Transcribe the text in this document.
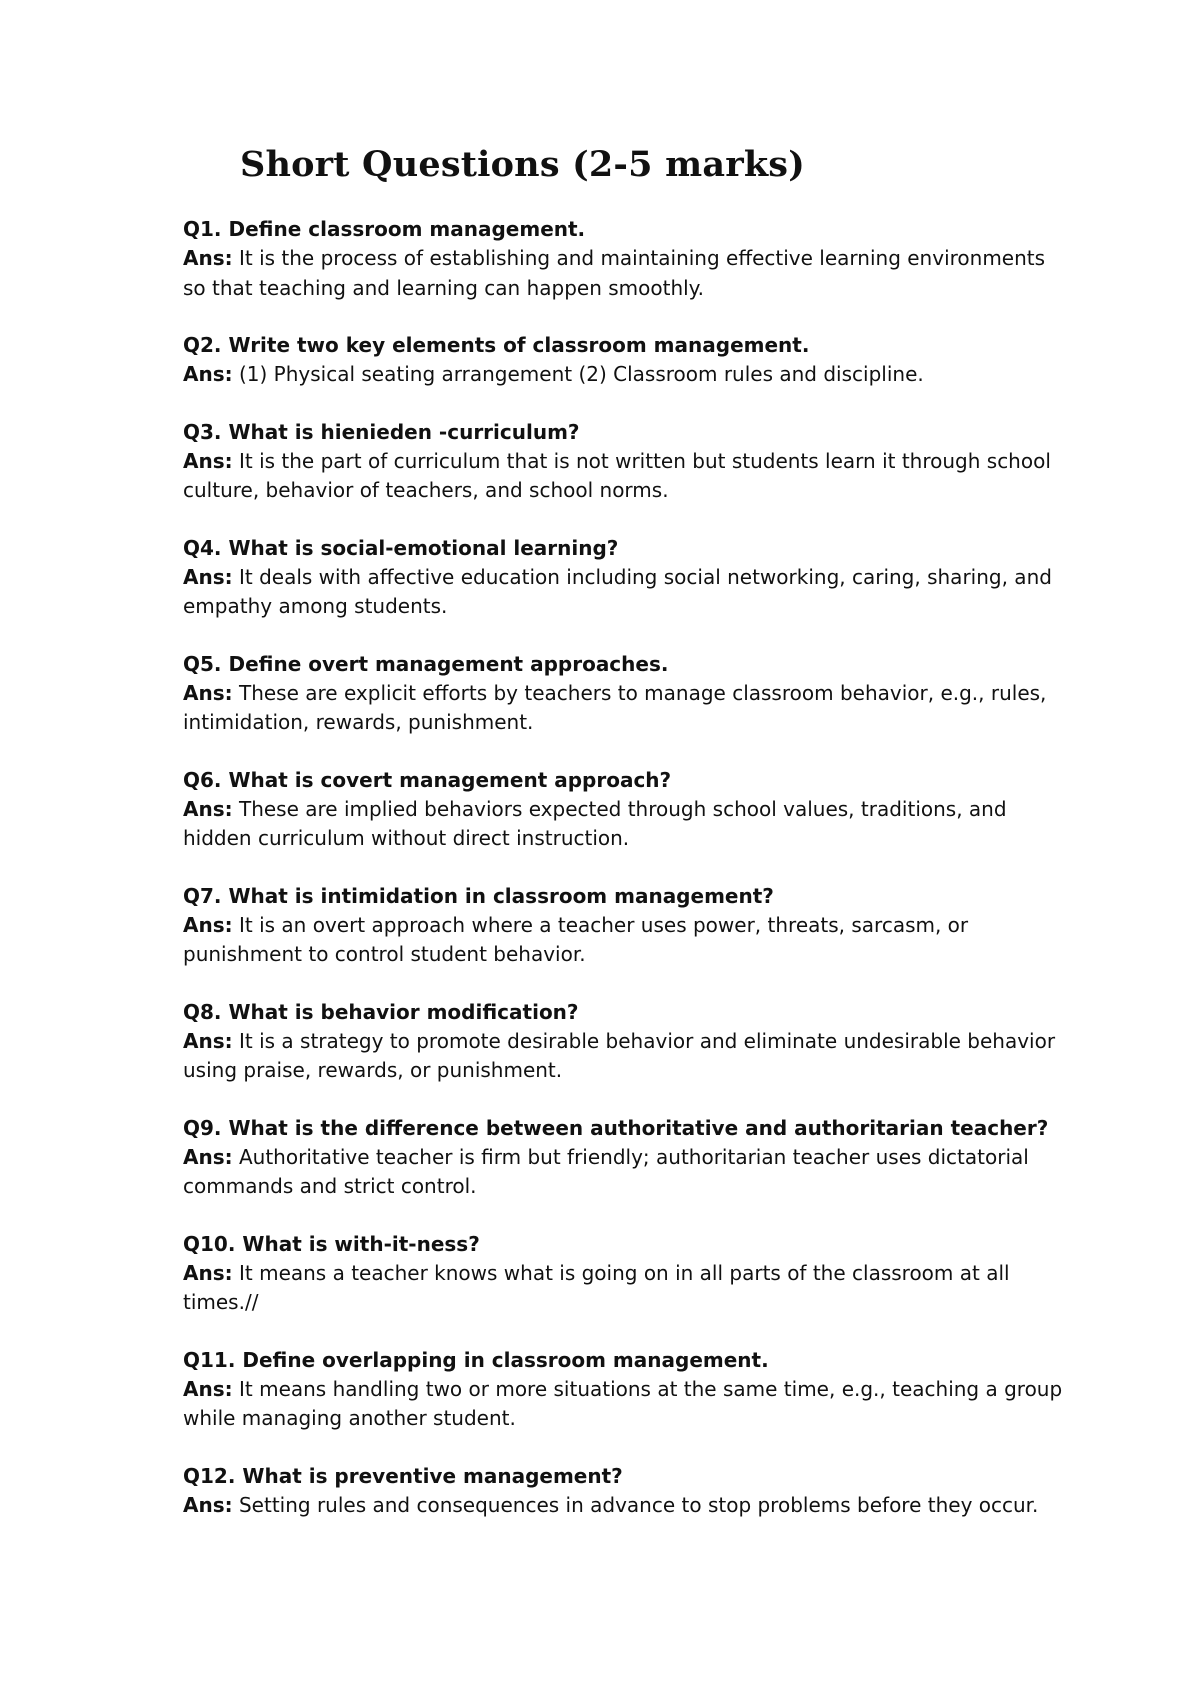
Short Questions (2-5 marks)

Q1. Define classroom management.

Ans: It is the process of establishing and maintaining effective learning environments so that teaching and learning can happen smoothly.

Q2. Write two key elements of classroom management.

Ans: (1) Physical seating arrangement (2) Classroom rules and discipline.

Q3. What is hienieden -curriculum?

Ans: It is the part of curriculum that is not written but students learn it through school culture, behavior of teachers, and school norms.

Q4. What is social-emotional learning?

Ans: It deals with affective education including social networking, caring, sharing, and empathy among students.

Q5. Define overt management approaches.

Ans: These are explicit efforts by teachers to manage classroom behavior, e.g., rules, intimidation, rewards, punishment.

Q6. What is covert management approach?

Ans: These are implied behaviors expected through school values, traditions, and hidden curriculum without direct instruction.

Q7. What is intimidation in classroom management?

Ans: It is an overt approach where a teacher uses power, threats, sarcasm, or punishment to control student behavior.

Q8. What is behavior modification?

Ans: It is a strategy to promote desirable behavior and eliminate undesirable behavior using praise, rewards, or punishment.

Q9. What is the difference between authoritative and authoritarian teacher?

Ans: Authoritative teacher is firm but friendly; authoritarian teacher uses dictatorial commands and strict control.

Q10. What is with-it-ness?

Ans: It means a teacher knows what is going on in all parts of the classroom at all times.//

Q11. Define overlapping in classroom management.

Ans: It means handling two or more situations at the same time, e.g., teaching a group while managing another student.

Q12. What is preventive management?

Ans: Setting rules and consequences in advance to stop problems before they occur.
